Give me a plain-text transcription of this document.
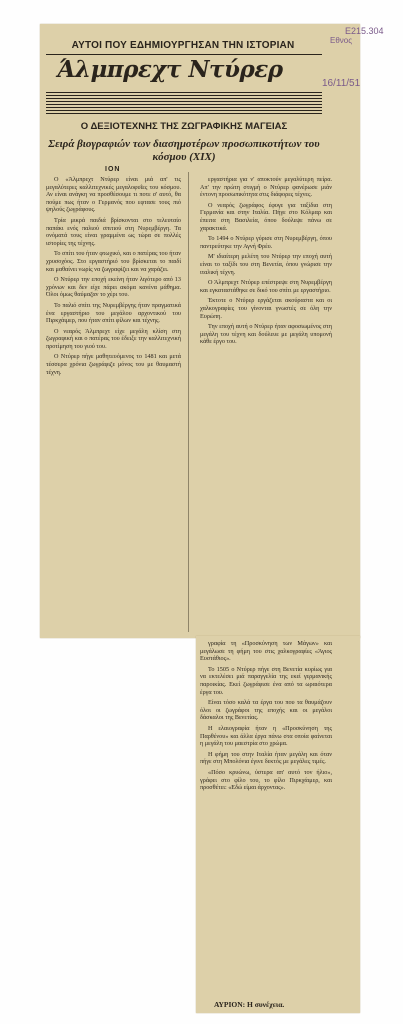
E215.304
Εθνος
16/11/51
ΑΥΤΟΙ ΠΟΥ ΕΔΗΜΙΟΥΡΓΗΣΑΝ ΤΗΝ ΙΣΤΟΡΙΑΝ
Άλμπρεχτ Ντύρερ
Ο ΔΕΞΙΟΤΕΧΝΗΣ ΤΗΣ ΖΩΓΡΑΦΙΚΗΣ ΜΑΓΕΙΑΣ
Σειρά βιογραφιών των διασημοτέρων προσωπικοτήτων του κόσμου (ΧΙΧ)
ΙΟΝ

Ο «Άλμπρεχτ Ντύρερ είναι μιά απ' τις μεγαλύτερες καλλιτεχνικές μεγαλοφυΐες του κόσμου. Αν είναι ανάγκη να προσθέσουμε τι ποτε σ' αυτό, θα πούμε πως ήταν ο Γερμανός που εφτασε τους πιό ψηλούς ζωγράφους.

Τρία μικρά παιδιά βρίσκονται στο τελευταίο παπάκι ενός παλιού σπιτιού στη Νυρεμβέργη. Τα ονόματά τους είναι γραμμένα ως τώρα σε πολλές ιστορίες της τέχνης.

Το σπίτι του ήταν φτωχικό, και ο πατέρας του ήταν χρυσοχόος. Στο εργαστήριό του βρίσκεται το παιδί και μαθαίνει νωρίς να ζωγραφίζει και να χαράζει.

Ο Ντύρερ την εποχή εκείνη ήταν λιγότερο από 13 χρόνων και δεν είχε πάρει ακόμα κανένα μάθημα. Όλοι όμως θαύμαζαν το χέρι του.

Το παλιό σπίτι της Νυρεμβέργης ήταν πραγματικά ένα εργαστήριο του μεγάλου αρχοντικού του Πιρκχάιμερ, που ήταν σπίτι φίλων και τέχνης.

Ο νεαρός Άλμπρεχτ είχε μεγάλη κλίση στη ζωγραφική και ο πατέρας του έδειξε την καλλιτεχνική προτίμηση του γιού του.

Ο Ντύρερ πήγε μαθητευόμενος το 1481 και μετά τέσσερα χρόνια ζωγράφιζε μόνος του με θαυμαστή τέχνη.

εργαστήρια για ν' αποκτούν μεγαλύτερη πείρα. Απ' την πρώτη στιγμή ο Ντύρερ φανέρωσε μιάν έντονη προσωπικότητα στις διάφορες τέχνες.

Ο νεαρός ζωγράφος έφυγε για ταξίδια στη Γερμανία και στην Ιταλία. Πήγε στο Κόλμαρ και έπειτα στη Βασιλεία, όπου δούλεψε πάνω σε χαρακτικά.

Το 1494 ο Ντύρερ γύρισε στη Νυρεμβέργη, όπου παντρεύτηκε την Αγνή Φρέυ.

Μ' ιδιαίτερη μελέτη του Ντύρερ την εποχή αυτή είναι το ταξίδι του στη Βενετία, όπου γνώρισε την ιταλική τέχνη.

Ο Άλμπρεχτ Ντύρερ επέστρεψε στη Νυρεμβέργη και εγκαταστάθηκε σε δικό του σπίτι με εργαστήριο.

Έκτοτε ο Ντύρερ εργάζεται ακούραστα και οι χαλκογραφίες του γίνονται γνωστές σε όλη την Ευρώπη.

Την εποχή αυτή ο Ντύρερ ήταν αφοσιωμένος στη μεγάλη του τέχνη και δούλευε με μεγάλη υπομονή κάθε έργο του.

γραφία τη «Προσκύνηση των Μάγων» και μεγάλωσε τη φήμη του στις χαλκογραφίες «Άγιος Ευστάθιος».

Το 1505 ο Ντύρερ πήγε στη Βενετία κυρίως για να εκτελέσει μιά παραγγελία της εκεί γερμανικής παροικίας. Εκεί ζωγράφισε ένα από τα ωραιότερα έργα του.

Είναι τόσο καλά τα έργα του που τα θαυμάζουν όλοι οι ζωγράφοι της εποχής και οι μεγάλοι δάσκαλοι της Βενετίας.

Η ελαιογραφία ήταν η «Προσκύνηση της Παρθένου» και άλλα έργα πάνω στα οποία φαίνεται η μεγάλη του μαεστρία στο χρώμα.

Η φήμη του στην Ιταλία ήταν μεγάλη και όταν πήγε στη Μπολόνια έγινε δεκτός με μεγάλες τιμές.

«Πόσο κρυώνω, ύστερα απ' αυτό τον ήλιο», γράφει στο φίλο του, το φίλο Πιρκχάιμερ, και προσθέτει: «Εδώ είμαι άρχοντας».

ΑΥΡΙΟΝ: Η συνέχεια.
